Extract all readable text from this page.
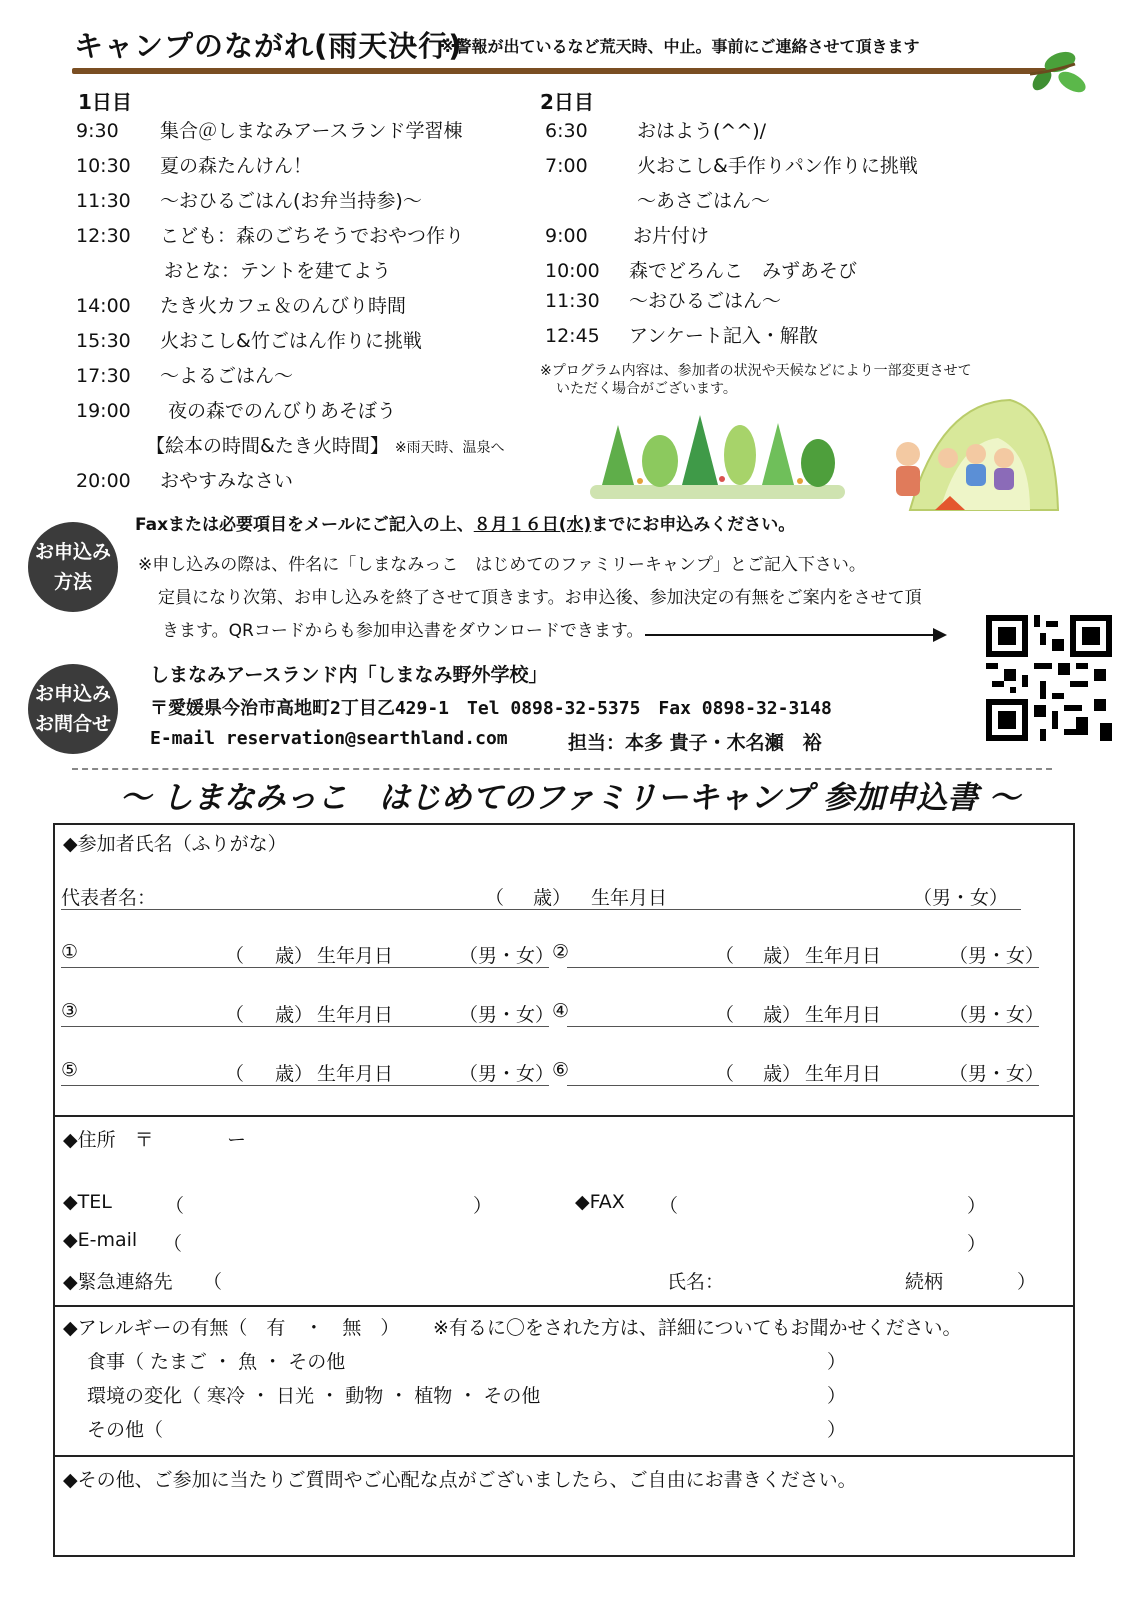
キャンプのながれ(雨天決行)
※警報が出ているなど荒天時、中止。事前にご連絡させて頂きます
1日目
9:30 集合＠しまなみアースランド学習棟
10:30 夏の森たんけん！
11:30 ～おひるごはん(お弁当持参)～
12:30 こども：森のごちそうでおやつ作り
おとな：テントを建てよう
14:00 たき火カフェ＆のんびり時間
15:30 火おこし&竹ごはん作りに挑戦
17:30 ～よるごはん～
19:00 夜の森でのんびりあそぼう
【絵本の時間&たき火時間】 ※雨天時、温泉へ
20:00 おやすみなさい
2日目
6:30	おはよう(^^)/
7:00	火おこし&手作りパン作りに挑戦
～あさごはん～
9:00 お片付け
10:00 森でどろんこ　みずあそび
11:30 ～おひるごはん～
12:45 アンケート記入・解散
※プログラム内容は、参加者の状況や天候などにより一部変更させて
いただく場合がございます。
お申込み
方法
Faxまたは必要項目をメールにご記入の上、８月１６日(水)までにお申込みください。
※申し込みの際は、件名に「しまなみっこ　はじめてのファミリーキャンプ」とご記入下さい。
定員になり次第、お申し込みを終了させて頂きます。お申込後、参加決定の有無をご案内をさせて頂
きます。QRコードからも参加申込書をダウンロードできます。
お申込み
お問合せ
しまなみアースランド内「しまなみ野外学校」
〒愛媛県今治市高地町2丁目乙429-1　Tel 0898-32-5375　Fax 0898-32-3148
E-mail reservation@searthland.com	担当：本多 貴子・木名瀬　裕
～ しまなみっこ　はじめてのファミリーキャンプ 参加申込書 ～
◆参加者氏名（ふりがな）
代表者名：	（ 歳） 生年月日	（男・女）
①	（ 歳） 生年月日	（男・女）
②	（ 歳） 生年月日	（男・女）
③	（ 歳） 生年月日	（男・女）
④	（ 歳） 生年月日	（男・女）
⑤	（ 歳） 生年月日	（男・女）
⑥	（ 歳） 生年月日	（男・女）
◆住所　〒	ー
◆TEL	（	）	◆FAX （	）
◆E-mail （	）
◆緊急連絡先 （	氏名：	続柄	）
◆アレルギーの有無（　有　・　無　） ※有るに〇をされた方は、詳細についてもお聞かせください。
食事（ たまご ・ 魚 ・ その他	）
環境の変化（ 寒冷 ・ 日光 ・ 動物 ・ 植物 ・ その他	）
その他（	）
◆その他、ご参加に当たりご質問やご心配な点がございましたら、ご自由にお書きください。
